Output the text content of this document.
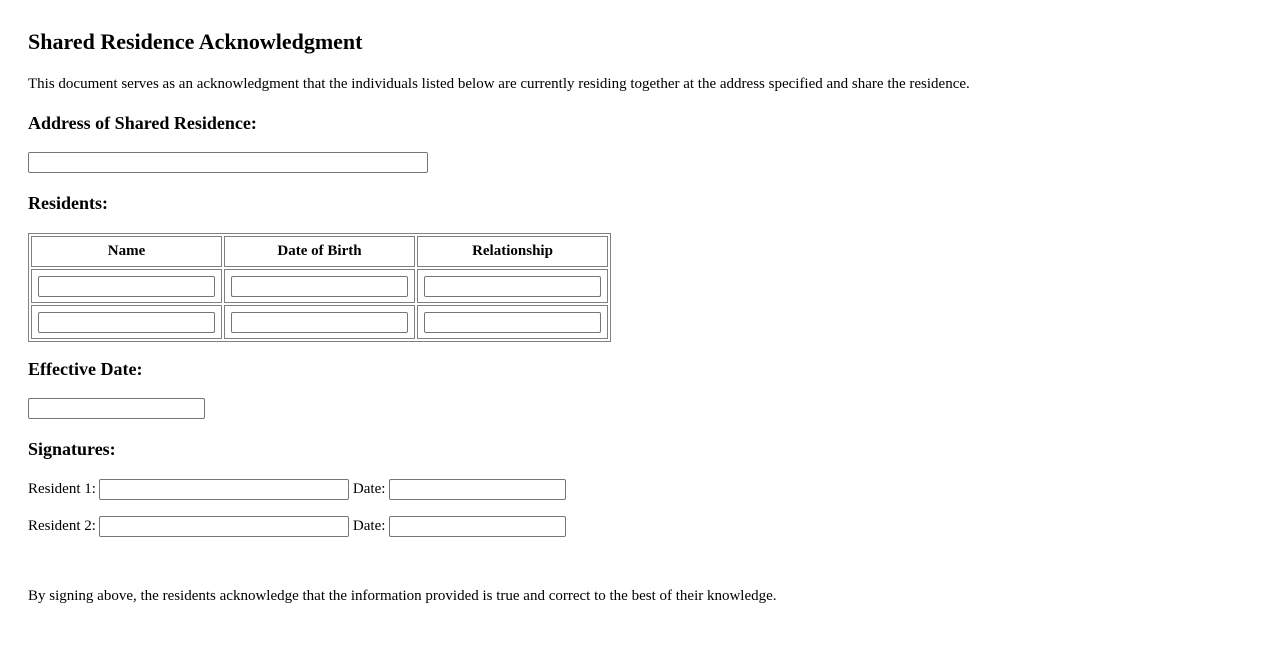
Shared Residence Acknowledgment

This document serves as an acknowledgment that the individuals listed below are currently residing together at the address specified and share the residence.

Address of Shared Residence:
Residents:
Name	Date of Birth	Relationship

Effective Date:
Signatures:
Resident 1:	Date:
Resident 2:	Date:

By signing above, the residents acknowledge that the information provided is true and correct to the best of their knowledge.
